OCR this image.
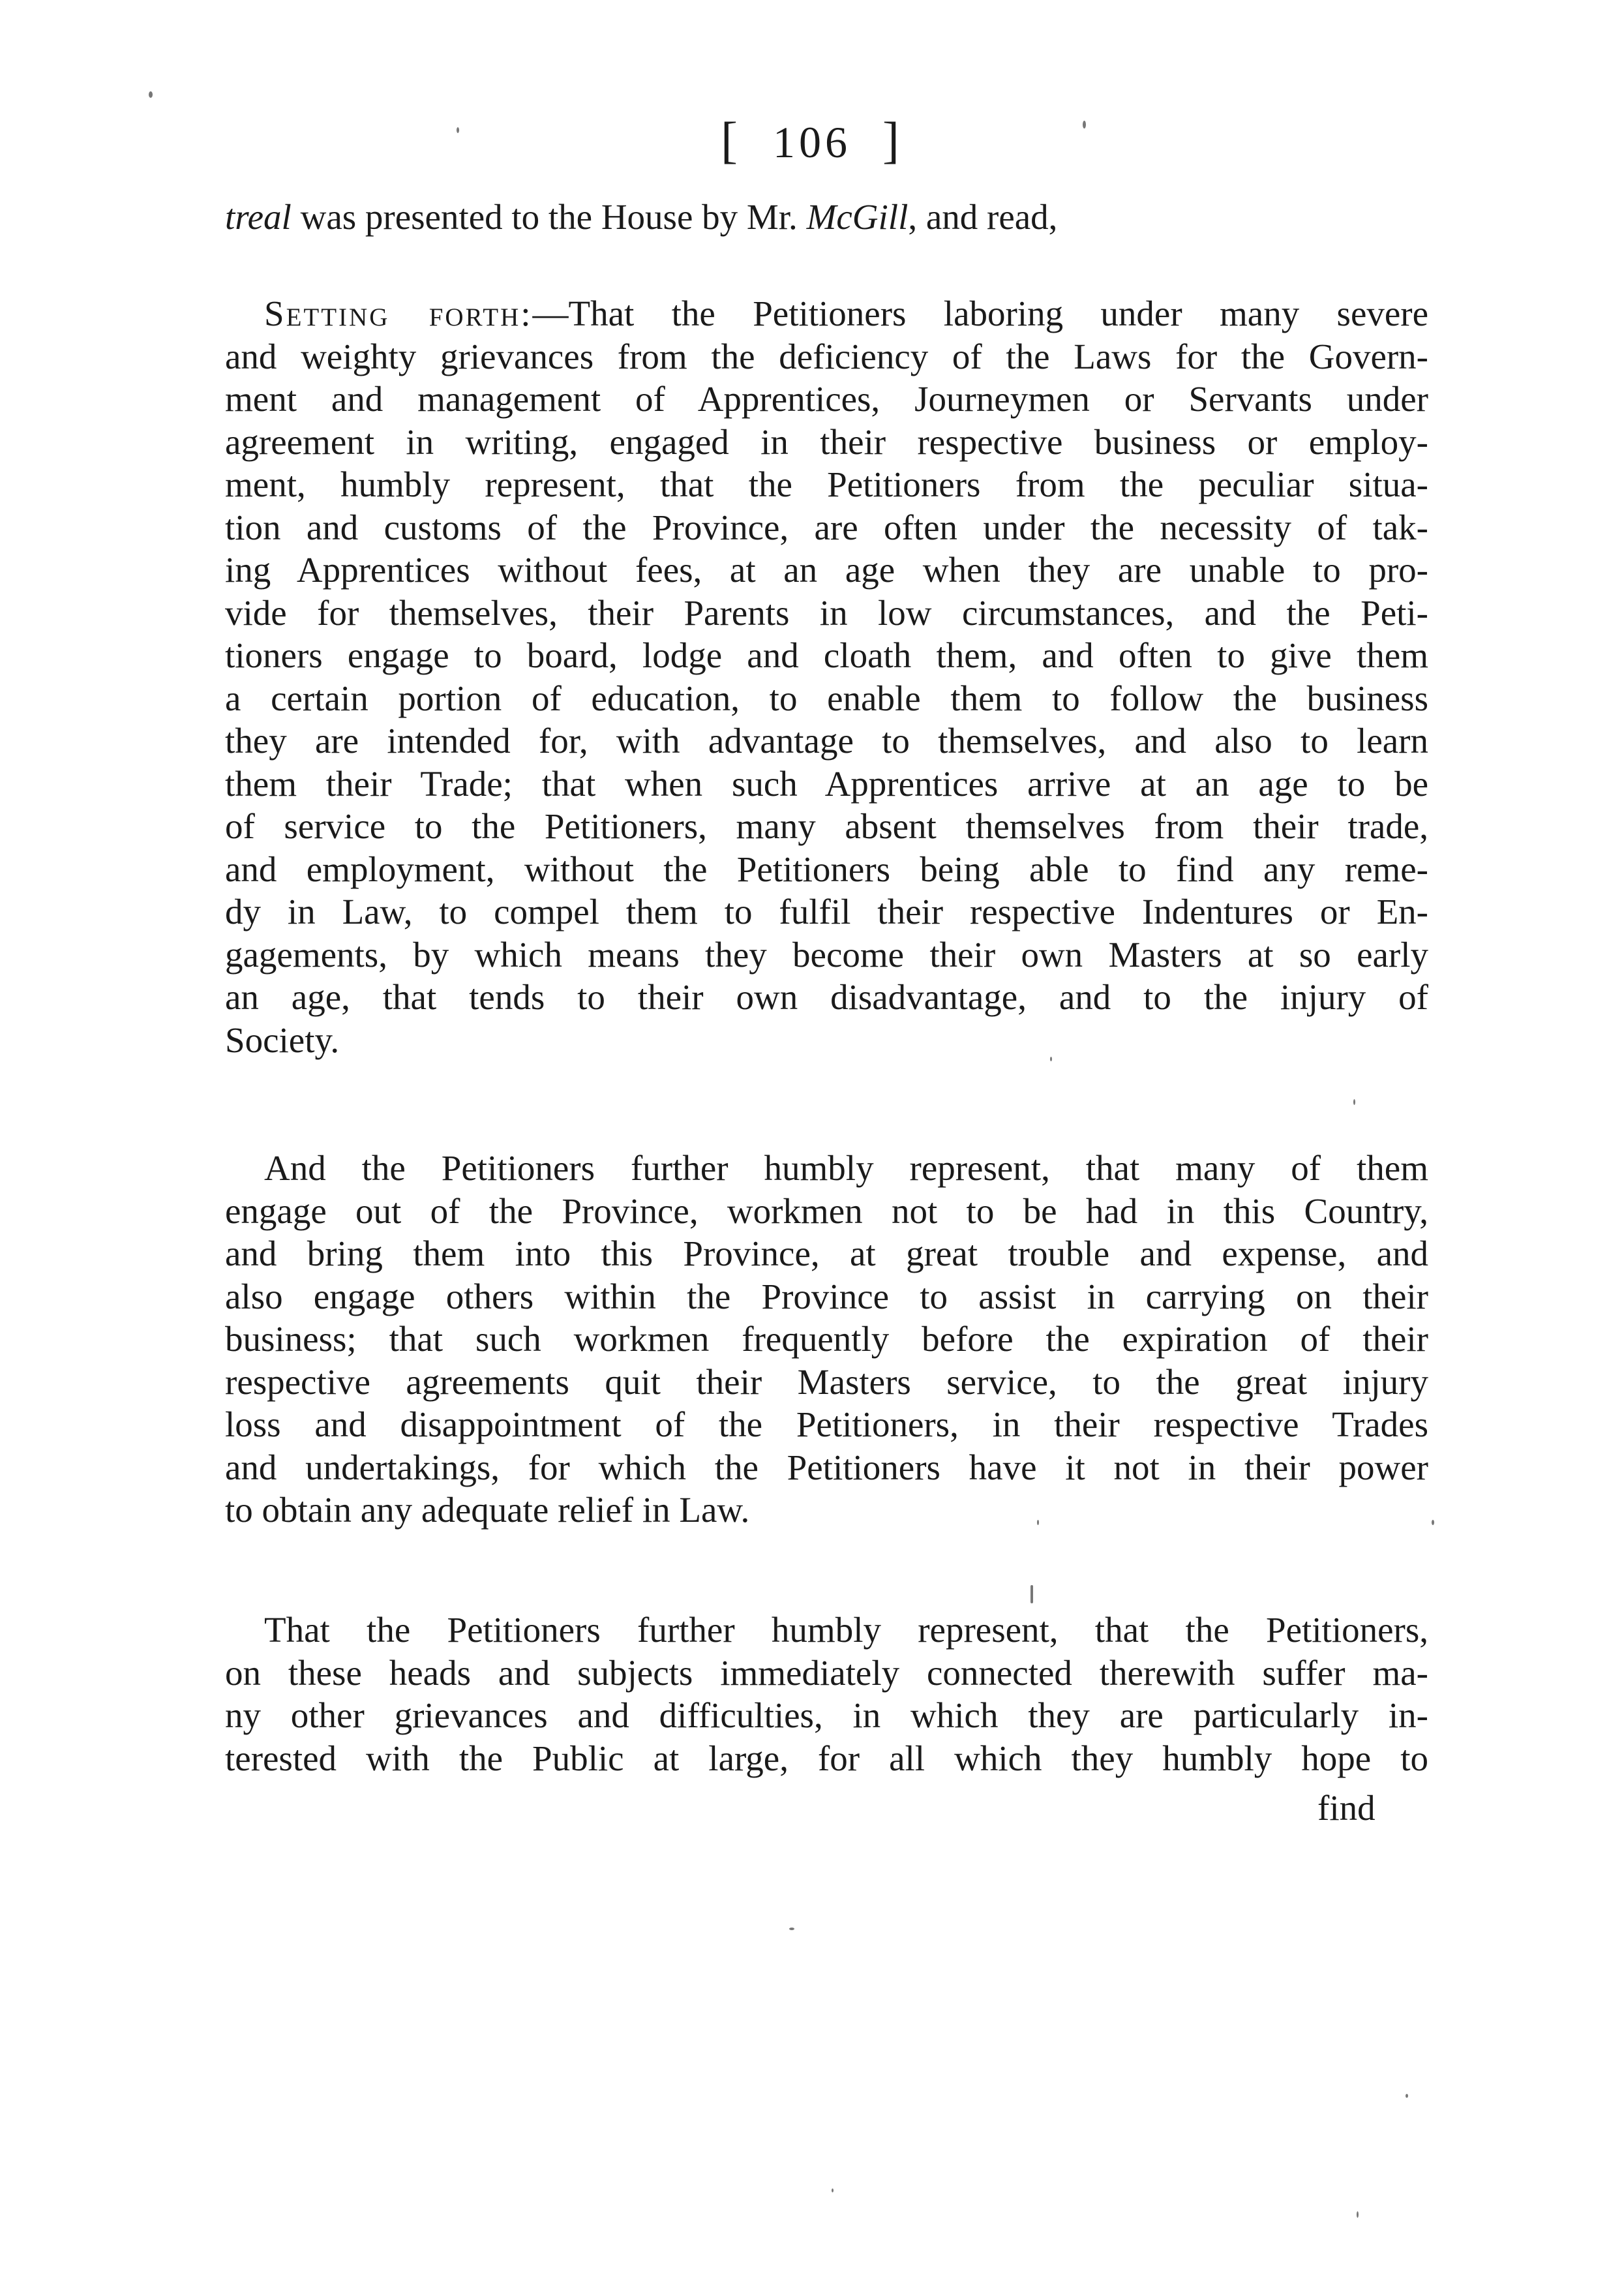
[ 106 ]
treal was presented to the House by Mr. McGill, and read,
Setting forth:—That the Petitioners laboring under many severe
and weighty grievances from the deficiency of the Laws for the Govern-
ment and management of Apprentices, Journeymen or Servants under
agreement in writing, engaged in their respective business or employ-
ment, humbly represent, that the Petitioners from the peculiar situa-
tion and customs of the Province, are often under the necessity of tak-
ing Apprentices without fees, at an age when they are unable to pro-
vide for themselves, their Parents in low circumstances, and the Peti-
tioners engage to board, lodge and cloath them, and often to give them
a certain portion of education, to enable them to follow the business
they are intended for, with advantage to themselves, and also to learn
them their Trade; that when such Apprentices arrive at an age to be
of service to the Petitioners, many absent themselves from their trade,
and employment, without the Petitioners being able to find any reme-
dy in Law, to compel them to fulfil their respective Indentures or En-
gagements, by which means they become their own Masters at so early
an age, that tends to their own disadvantage, and to the injury of
Society.
And the Petitioners further humbly represent, that many of them
engage out of the Province, workmen not to be had in this Country,
and bring them into this Province, at great trouble and expense, and
also engage others within the Province to assist in carrying on their
business; that such workmen frequently before the expiration of their
respective agreements quit their Masters service, to the great injury
loss and disappointment of the Petitioners, in their respective Trades
and undertakings, for which the Petitioners have it not in their power
to obtain any adequate relief in Law.
That the Petitioners further humbly represent, that the Petitioners,
on these heads and subjects immediately connected therewith suffer ma-
ny other grievances and difficulties, in which they are particularly in-
terested with the Public at large, for all which they humbly hope to
find
